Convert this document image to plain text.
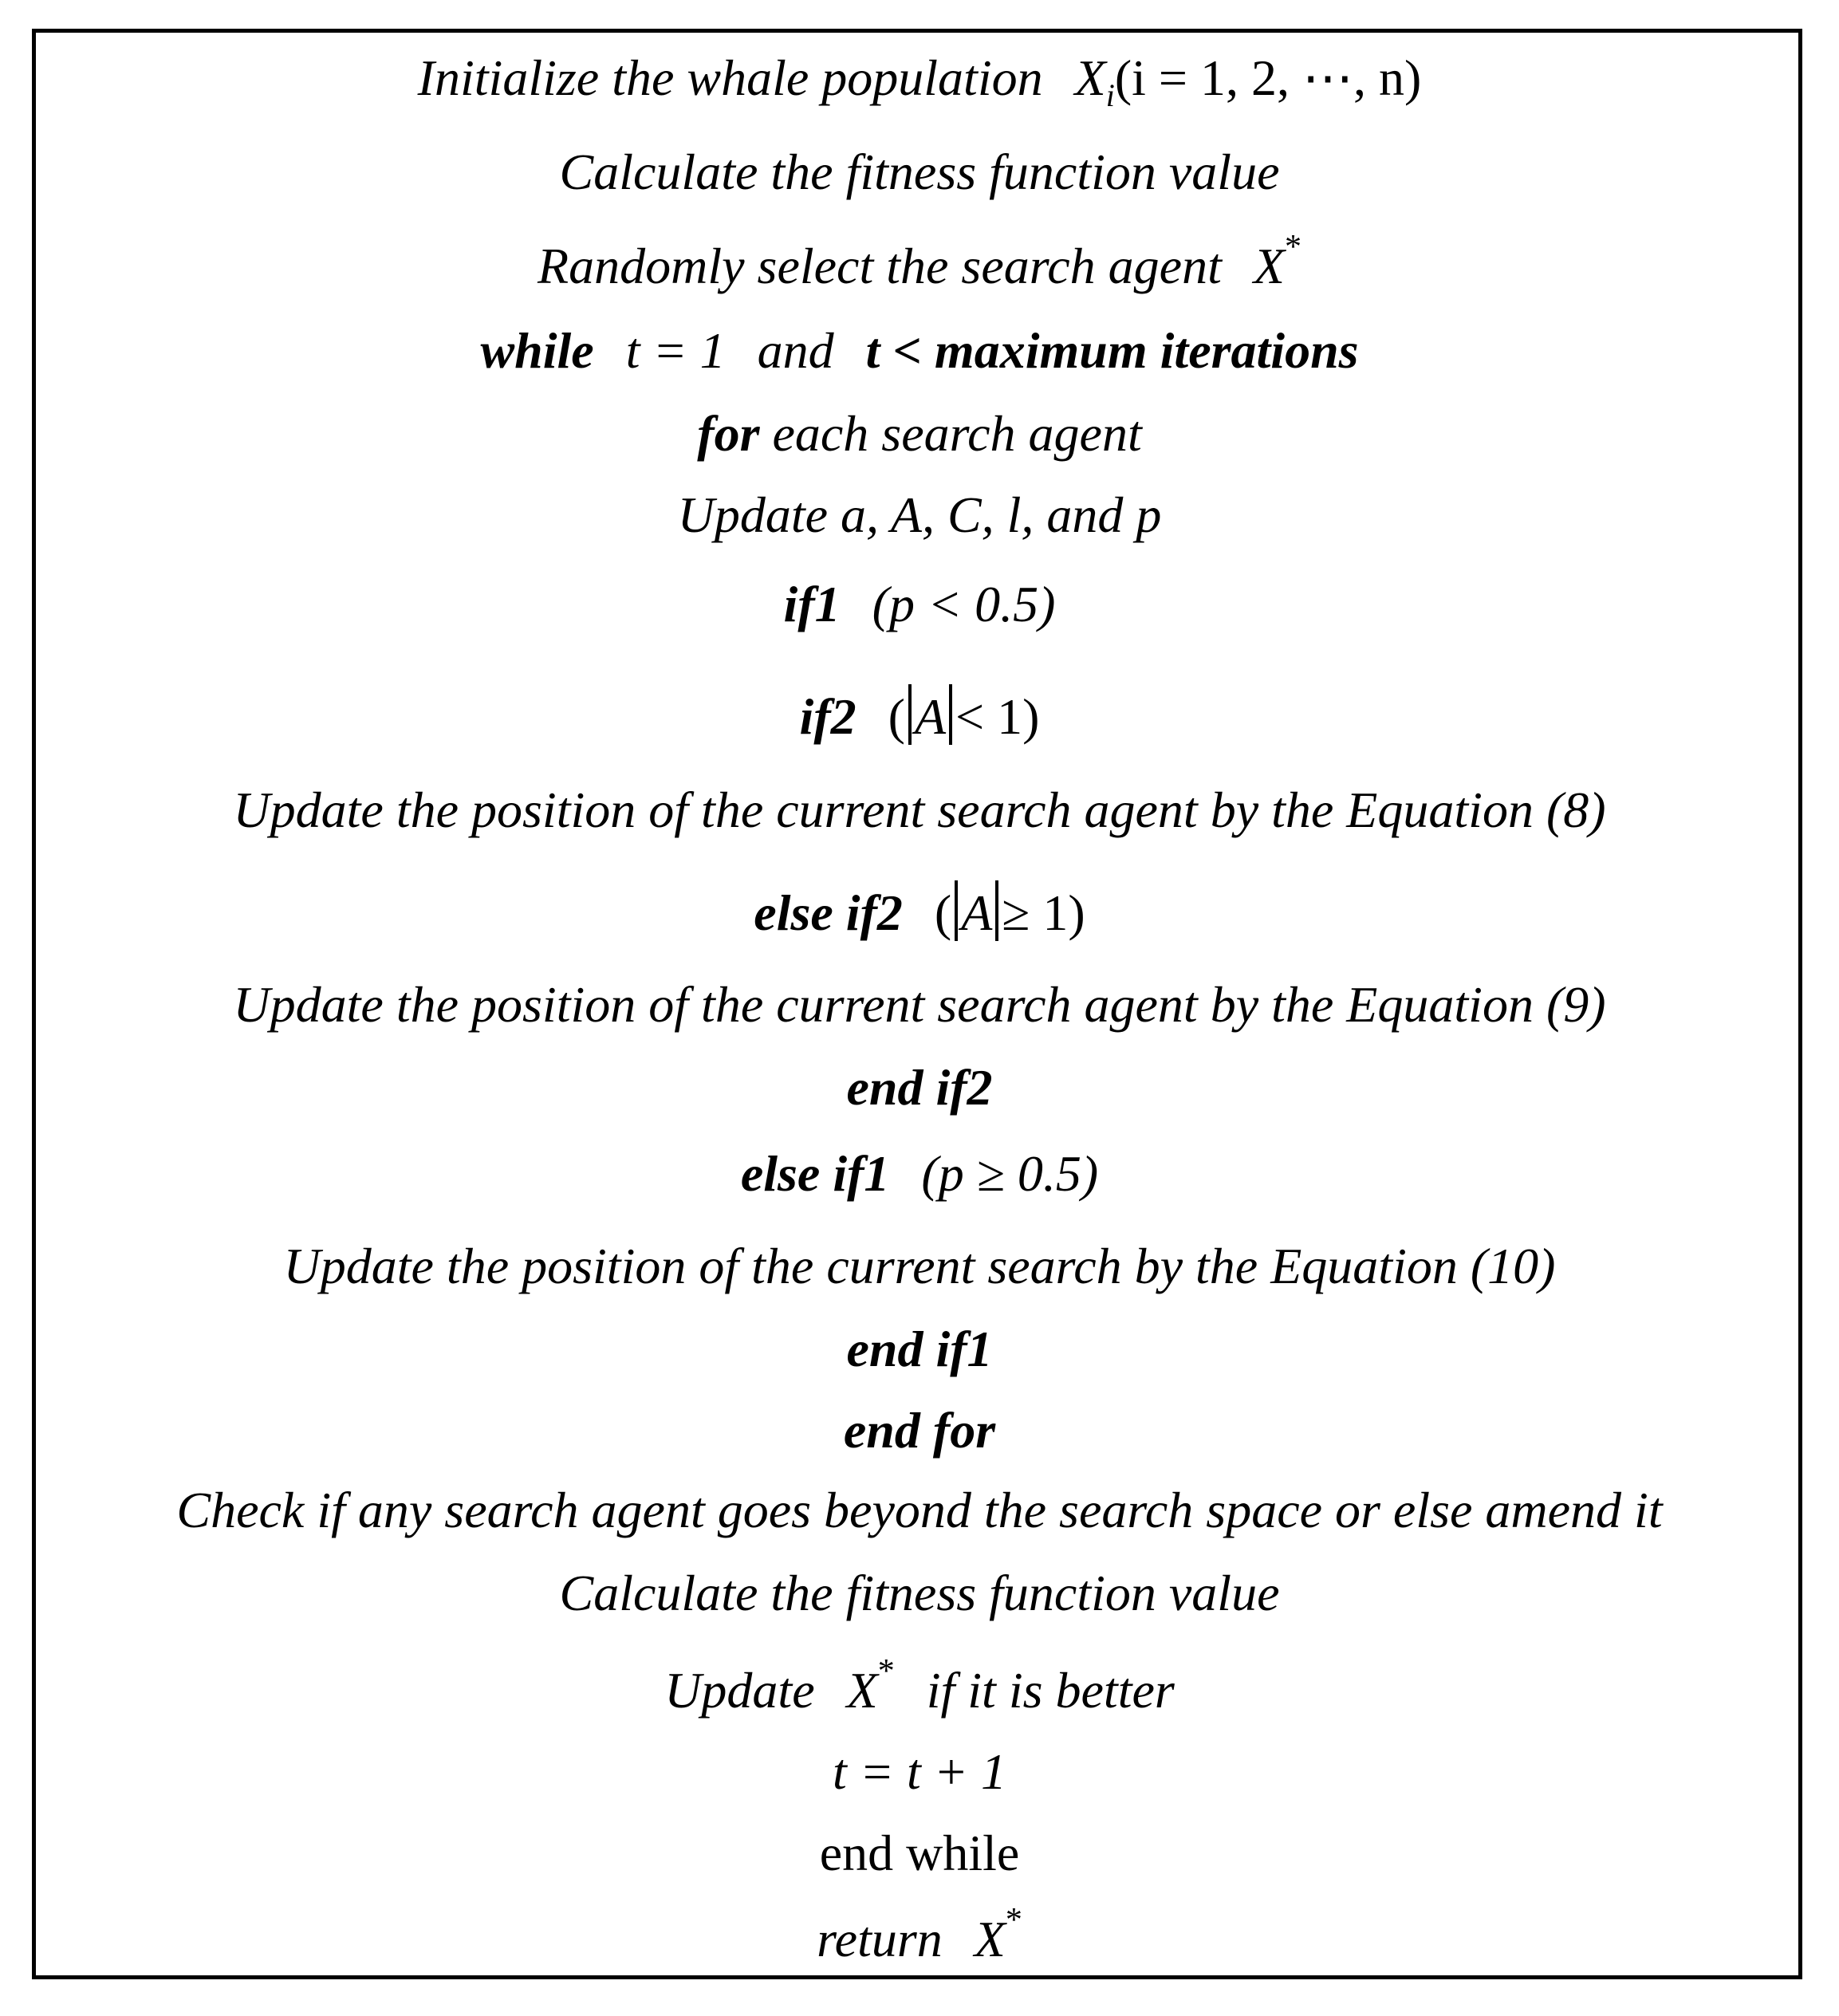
Initialize the whale population $X_i(i = 1$, 2, ⋯, n)
Calculate the fitness function value
Randomly select the search agent X*
while t = 1 and t < maximum iterations
for each search agent
Update a, A, C, l, and p
if1 (p < 0.5)
if2 ( A < 1)
Update the position of the current search agent by the Equation (8)
else if2 ( A ≥ 1)
Update the position of the current search agent by the Equation (9)
end if2
else if1 (p ≥ 0.5)
Update the position of the current search by the Equation (10)
end if1
end for
Check if any search agent goes beyond the search space or else amend it
Calculate the fitness function value
Update X* if it is better
t = t + 1
end while
return X*
